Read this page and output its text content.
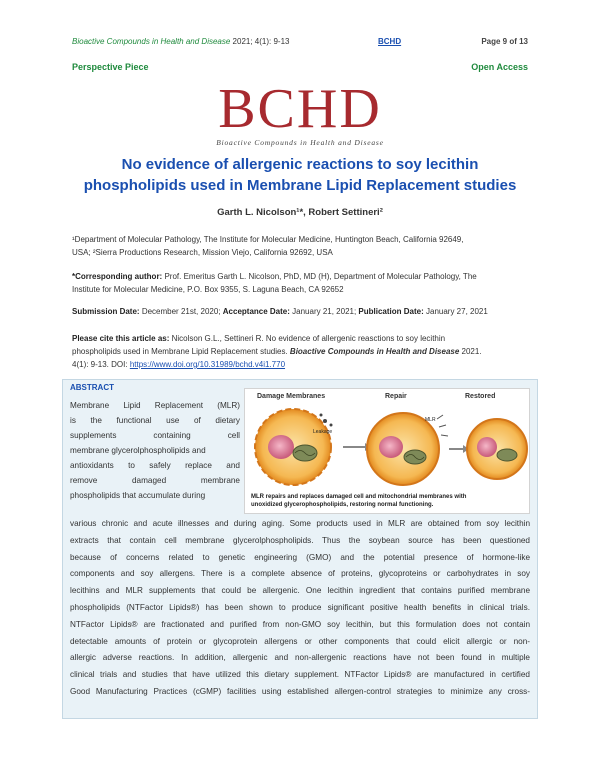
Bioactive Compounds in Health and Disease 2021; 4(1): 9-13	BCHD	Page 9 of 13
Perspective Piece	Open Access
BCHD
Bioactive Compounds in Health and Disease
No evidence of allergenic reactions to soy lecithin
phospholipids used in Membrane Lipid Replacement studies
Garth L. Nicolson¹*, Robert Settineri²
¹Department of Molecular Pathology, The Institute for Molecular Medicine, Huntington Beach, California 92649,
USA; ²Sierra Productions Research, Mission Viejo, California 92692, USA
*Corresponding author: Prof. Emeritus Garth L. Nicolson, PhD, MD (H), Department of Molecular Pathology, The
Institute for Molecular Medicine, P.O. Box 9355, S. Laguna Beach, CA 92652
Submission Date: December 21st, 2020; Acceptance Date: January 21, 2021; Publication Date: January 27, 2021
Please cite this article as: Nicolson G.L., Settineri R. No evidence of allergenic reasctions to soy lecithin
phospholipids used in Membrane Lipid Replacement studies. Bioactive Compounds in Health and Disease 2021.
4(1): 9-13. DOI: https://www.doi.org/10.31989/bchd.v4i1.770
ABSTRACT
Membrane Lipid Replacement (MLR)
is the functional use of dietary
supplements	containing	cell
membrane glycerolphospholipids and
antioxidants to safely replace and
remove	damaged	membrane
phospholipids that accumulate during
Damage Membranes	Repair	Restored
Leakage
MLR
MLR repairs and replaces damaged cell and mitochondrial membranes with
unoxidized glycerophospholipids, restoring normal functioning.
various chronic and acute illnesses and during aging. Some products used in MLR are obtained from soy lecithin
extracts that contain cell membrane glycerolphospholipids. Thus the soybean source has been questioned
because of concerns related to genetic engineering (GMO) and the potential presence of hormone-like
components and soy allergens. There is a complete absence of proteins, glycoproteins or carbohydrates in soy
lecithins and MLR supplements that could be allergenic. One lecithin ingredient that contains purified membrane
phospholipids (NTFactor Lipids®) has been shown to produce significant positive health benefits in clinical trials.
NTFactor Lipids® are fractionated and purified from non-GMO soy lecithin, but this formulation does not contain
detectable amounts of protein or glycoprotein allergens or other components that could elicit allergic or non-
allergic adverse reactions. In addition, allergenic and non-allergenic reactions have not been found in multiple
clinical trials and studies that have utilized this dietary supplement. NTFactor Lipids® are manufactured in certified
Good Manufacturing Practices (cGMP) facilities using established allergen-control strategies to minimize any cross-
